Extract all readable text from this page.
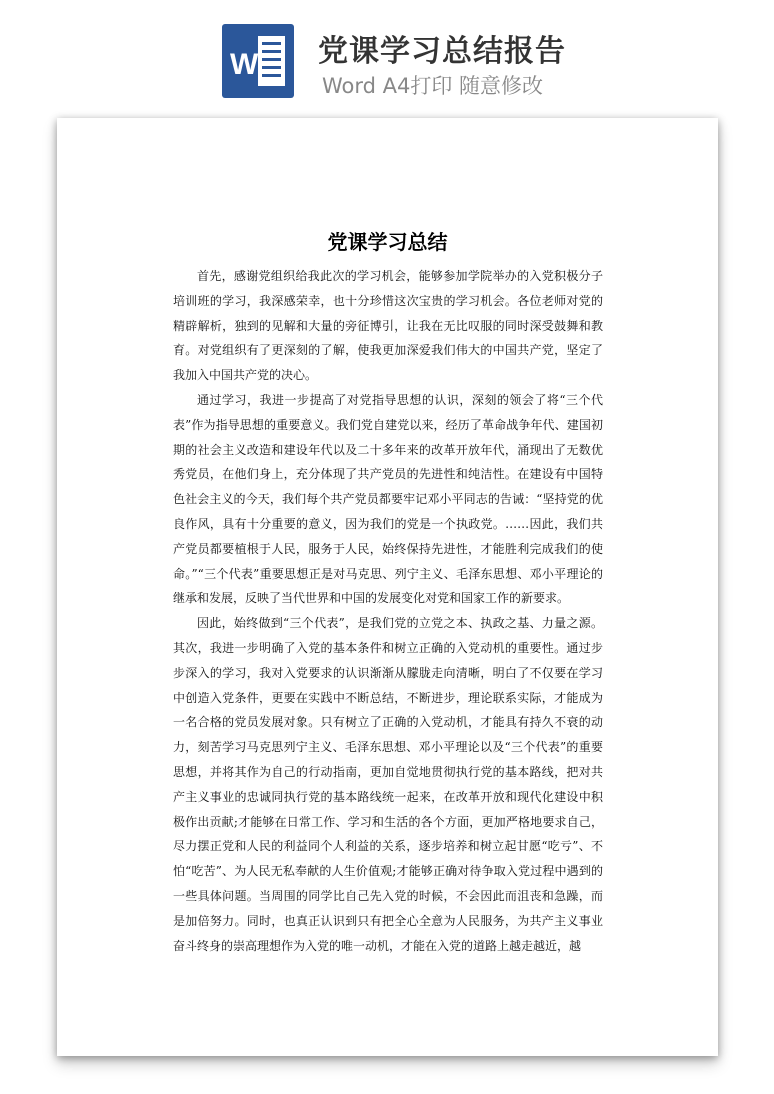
W 党课学习总结报告
Word A4打印 随意修改
党课学习总结

首先，感谢党组织给我此次的学习机会，能够参加学院举办的入党积极分子培训班的学习，我深感荣幸，也十分珍惜这次宝贵的学习机会。各位老师对党的精辟解析，独到的见解和大量的旁征博引，让我在无比叹服的同时深受鼓舞和教育。对党组织有了更深刻的了解，使我更加深爱我们伟大的中国共产党，坚定了我加入中国共产党的决心。

通过学习，我进一步提高了对党指导思想的认识，深刻的领会了将“三个代表”作为指导思想的重要意义。我们党自建党以来，经历了革命战争年代、建国初期的社会主义改造和建设年代以及二十多年来的改革开放年代，涌现出了无数优秀党员，在他们身上，充分体现了共产党员的先进性和纯洁性。在建设有中国特色社会主义的今天，我们每个共产党员都要牢记邓小平同志的告诫：“坚持党的优良作风，具有十分重要的意义，因为我们的党是一个执政党。……因此，我们共产党员都要植根于人民，服务于人民，始终保持先进性，才能胜利完成我们的使命。”“三个代表”重要思想正是对马克思、列宁主义、毛泽东思想、邓小平理论的继承和发展，反映了当代世界和中国的发展变化对党和国家工作的新要求。

因此，始终做到“三个代表”，是我们党的立党之本、执政之基、力量之源。其次，我进一步明确了入党的基本条件和树立正确的入党动机的重要性。通过步步深入的学习，我对入党要求的认识渐渐从朦胧走向清晰，明白了不仅要在学习中创造入党条件，更要在实践中不断总结，不断进步，理论联系实际，才能成为一名合格的党员发展对象。只有树立了正确的入党动机，才能具有持久不衰的动力，刻苦学习马克思列宁主义、毛泽东思想、邓小平理论以及“三个代表”的重要思想，并将其作为自己的行动指南，更加自觉地贯彻执行党的基本路线，把对共产主义事业的忠诚同执行党的基本路线统一起来，在改革开放和现代化建设中积极作出贡献;才能够在日常工作、学习和生活的各个方面，更加严格地要求自己，尽力摆正党和人民的利益同个人利益的关系，逐步培养和树立起甘愿“吃亏”、不怕“吃苦”、为人民无私奉献的人生价值观;才能够正确对待争取入党过程中遇到的一些具体问题。当周围的同学比自己先入党的时候，不会因此而沮丧和急躁，而是加倍努力。同时，也真正认识到只有把全心全意为人民服务，为共产主义事业奋斗终身的崇高理想作为入党的唯一动机，才能在入党的道路上越走越近，越
